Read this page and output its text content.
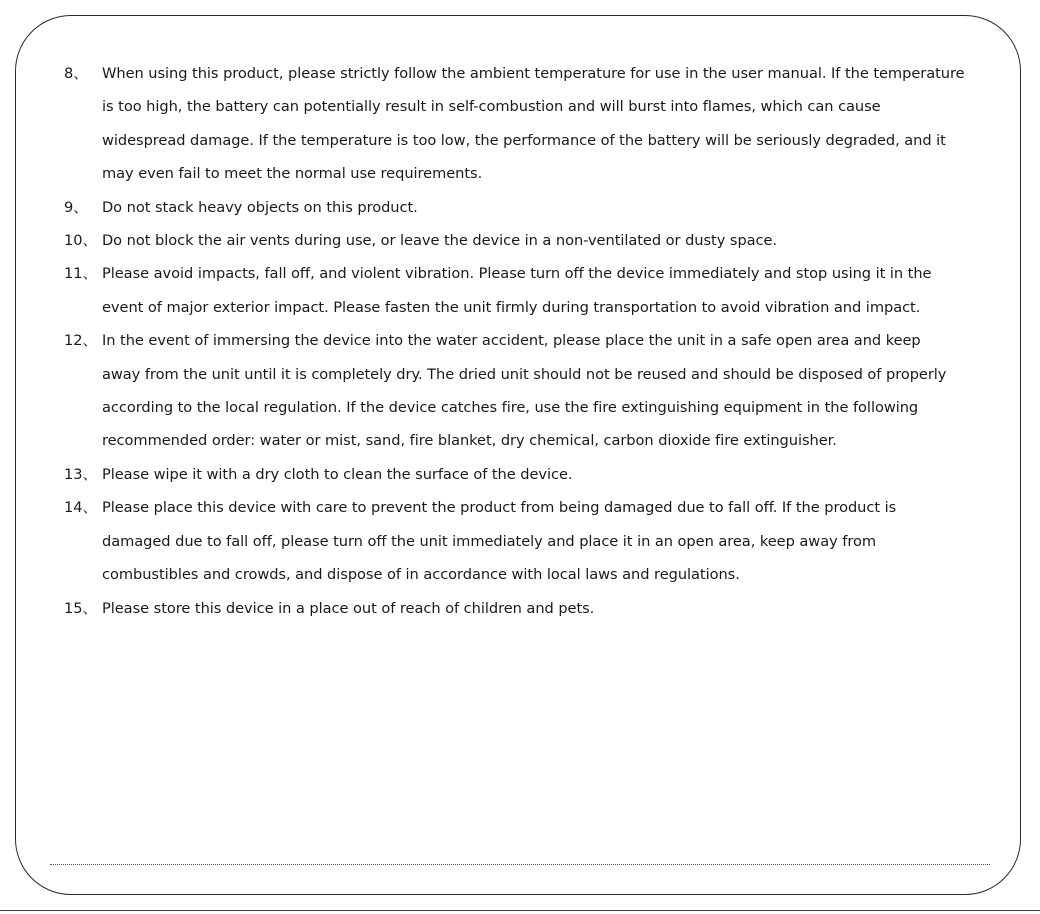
8、 When using this product, please strictly follow the ambient temperature for use in the user manual. If the temperature
is too high, the battery can potentially result in self-combustion and will burst into flames, which can cause
widespread damage. If the temperature is too low, the performance of the battery will be seriously degraded, and it
may even fail to meet the normal use requirements.
9、 Do not stack heavy objects on this product.
10、 Do not block the air vents during use, or leave the device in a non-ventilated or dusty space.
11、 Please avoid impacts, fall off, and violent vibration. Please turn off the device immediately and stop using it in the
event of major exterior impact. Please fasten the unit firmly during transportation to avoid vibration and impact.
12、 In the event of immersing the device into the water accident, please place the unit in a safe open area and keep
away from the unit until it is completely dry. The dried unit should not be reused and should be disposed of properly
according to the local regulation. If the device catches fire, use the fire extinguishing equipment in the following
recommended order: water or mist, sand, fire blanket, dry chemical, carbon dioxide fire extinguisher.
13、 Please wipe it with a dry cloth to clean the surface of the device.
14、 Please place this device with care to prevent the product from being damaged due to fall off. If the product is
damaged due to fall off, please turn off the unit immediately and place it in an open area, keep away from
combustibles and crowds, and dispose of in accordance with local laws and regulations.
15、 Please store this device in a place out of reach of children and pets.
